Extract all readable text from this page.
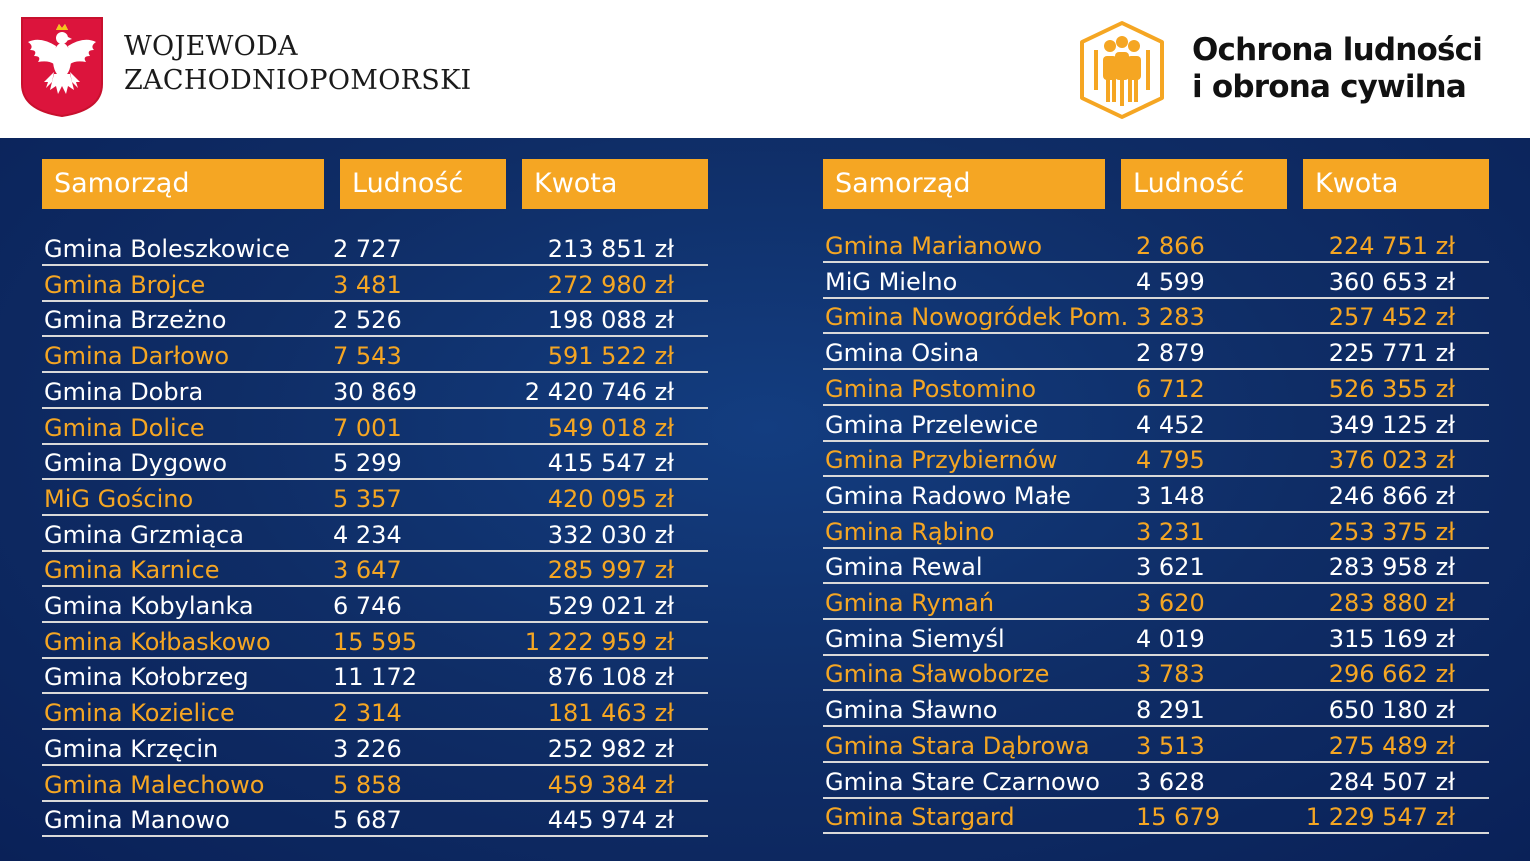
WOJEWODA
ZACHODNIOPOMORSKI
Ochrona ludności
i obrona cywilna
Samorząd	Ludność	Kwota
Gmina Boleszkowice 2 727	213 851 zł
Gmina Brojce	3 481	272 980 zł
Gmina Brzeżno	2 526	198 088 zł
Gmina Darłowo	7 543	591 522 zł
Gmina Dobra	30 869	2 420 746 zł
Gmina Dolice	7 001	549 018 zł
Gmina Dygowo	5 299	415 547 zł
MiG Gościno	5 357	420 095 zł
Gmina Grzmiąca	4 234	332 030 zł
Gmina Karnice	3 647	285 997 zł
Gmina Kobylanka	6 746	529 021 zł
Gmina Kołbaskowo	15 595	1 222 959 zł
Gmina Kołobrzeg	11 172	876 108 zł
Gmina Kozielice	2 314	181 463 zł
Gmina Krzęcin	3 226	252 982 zł
Gmina Malechowo	5 858	459 384 zł
Gmina Manowo	5 687	445 974 zł
Samorząd	Ludność	Kwota
Gmina Marianowo	2 866	224 751 zł
MiG Mielno	4 599	360 653 zł
Gmina Nowogródek Pom. 3 283	257 452 zł
Gmina Osina	2 879	225 771 zł
Gmina Postomino	6 712	526 355 zł
Gmina Przelewice	4 452	349 125 zł
Gmina Przybiernów	4 795	376 023 zł
Gmina Radowo Małe	3 148	246 866 zł
Gmina Rąbino	3 231	253 375 zł
Gmina Rewal	3 621	283 958 zł
Gmina Rymań	3 620	283 880 zł
Gmina Siemyśl	4 019	315 169 zł
Gmina Sławoborze	3 783	296 662 zł
Gmina Sławno	8 291	650 180 zł
Gmina Stara Dąbrowa 3 513	275 489 zł
Gmina Stare Czarnowo 3 628	284 507 zł
Gmina Stargard	15 679	1 229 547 zł
